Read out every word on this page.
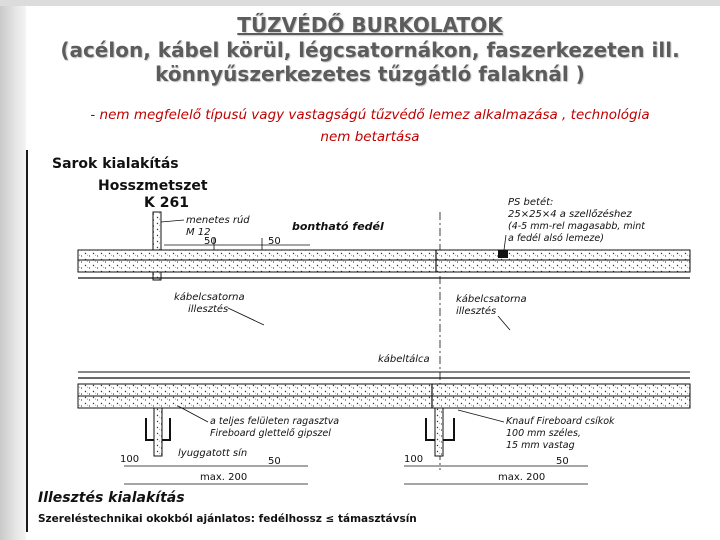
TŰZVÉDŐ BURKOLATOK
(acélon, kábel körül, légcsatornákon, faszerkezeten ill.
könnyűszerkezetes tűzgátló falaknál )
- nem megfelelő típusú vagy vastagságú tűzvédő lemez alkalmazása , technológia
nem betartása
Sarok kialakítás
Hosszmetszet
K 261
menetes rúd
M 12
50	50
bontható fedél
PS betét:
25×25×4 a szellőzéshez
(4-5 mm-rel magasabb, mint
a fedél alsó lemeze)
kábelcsatorna
illesztés
kábelcsatorna
illesztés
kábeltálca
a teljes felületen ragasztva
Fireboard glettelő gipszel
Knauf Fireboard csíkok
100 mm széles,
15 mm vastag
100
lyuggatott sín
50
max. 200
100	50
max. 200
Illesztés kialakítás
Szereléstechnikai okokból ajánlatos: fedélhossz ≤ támasztávsín
